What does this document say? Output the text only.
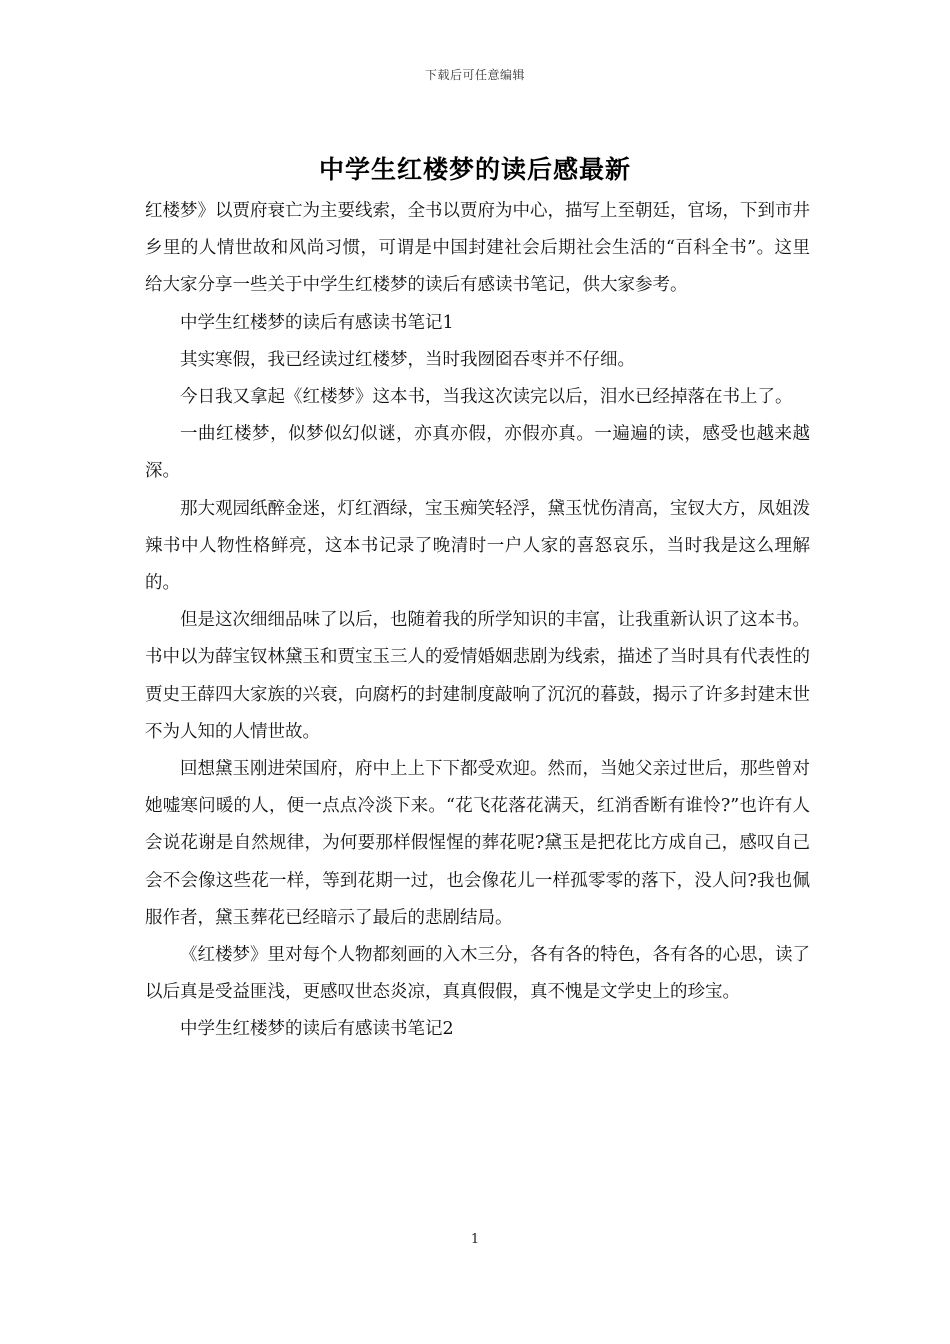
下载后可任意编辑
中学生红楼梦的读后感最新

红楼梦》以贾府衰亡为主要线索，全书以贾府为中心，描写上至朝廷，官场，下到市井乡里的人情世故和风尚习惯，可谓是中国封建社会后期社会生活的“百科全书”。这里给大家分享一些关于中学生红楼梦的读后有感读书笔记，供大家参考。

中学生红楼梦的读后有感读书笔记1

其实寒假，我已经读过红楼梦，当时我囫囵吞枣并不仔细。

今日我又拿起《红楼梦》这本书，当我这次读完以后，泪水已经掉落在书上了。

一曲红楼梦，似梦似幻似谜，亦真亦假，亦假亦真。一遍遍的读，感受也越来越深。

那大观园纸醉金迷，灯红酒绿，宝玉痴笑轻浮，黛玉忧伤清高，宝钗大方，凤姐泼辣书中人物性格鲜亮，这本书记录了晚清时一户人家的喜怒哀乐，当时我是这么理解的。

但是这次细细品味了以后，也随着我的所学知识的丰富，让我重新认识了这本书。书中以为薛宝钗林黛玉和贾宝玉三人的爱情婚姻悲剧为线索，描述了当时具有代表性的贾史王薛四大家族的兴衰，向腐朽的封建制度敲响了沉沉的暮鼓，揭示了许多封建末世不为人知的人情世故。

回想黛玉刚进荣国府，府中上上下下都受欢迎。然而，当她父亲过世后，那些曾对她嘘寒问暖的人，便一点点冷淡下来。“花飞花落花满天，红消香断有谁怜?”也许有人会说花谢是自然规律，为何要那样假惺惺的葬花呢?黛玉是把花比方成自己，感叹自己会不会像这些花一样，等到花期一过，也会像花儿一样孤零零的落下，没人问?我也佩服作者，黛玉葬花已经暗示了最后的悲剧结局。

《红楼梦》里对每个人物都刻画的入木三分，各有各的特色，各有各的心思，读了以后真是受益匪浅，更感叹世态炎凉，真真假假，真不愧是文学史上的珍宝。

中学生红楼梦的读后有感读书笔记2

1
